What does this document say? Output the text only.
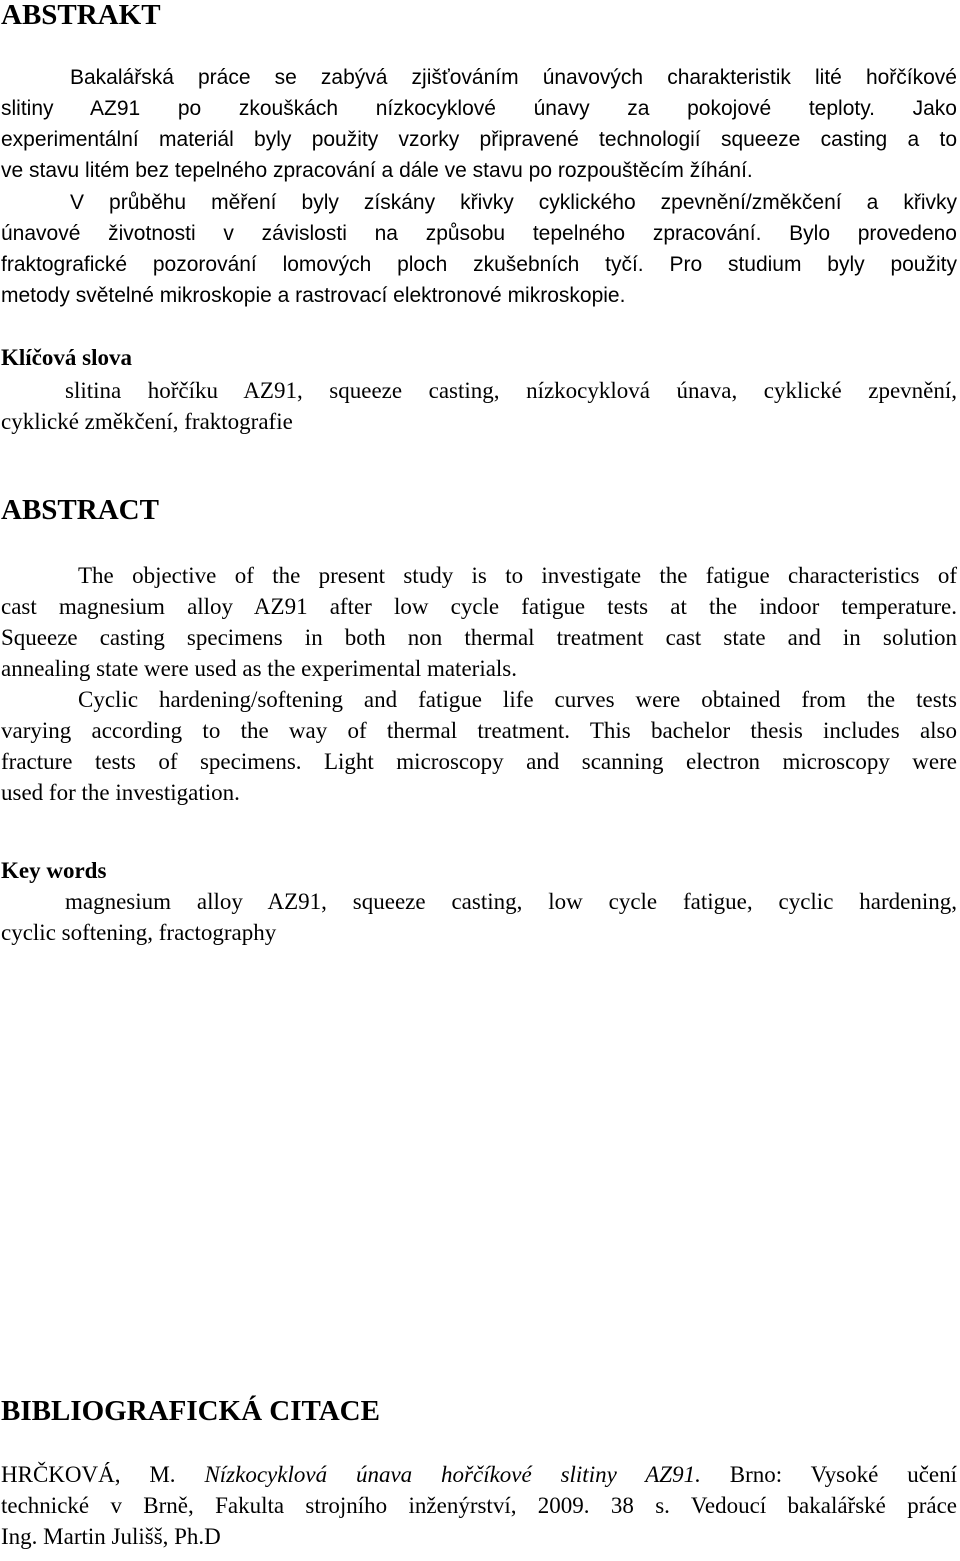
ABSTRAKT
Bakalářská práce se zabývá zjišťováním únavových charakteristik lité hořčíkové
slitiny AZ91 po zkouškách nízkocyklové únavy za pokojové teploty. Jako
experimentální materiál byly použity vzorky připravené technologií squeeze casting a to
ve stavu litém bez tepelného zpracování a dále ve stavu po rozpouštěcím žíhání.
V průběhu měření byly získány křivky cyklického zpevnění/změkčení a křivky
únavové životnosti v závislosti na způsobu tepelného zpracování. Bylo provedeno
fraktografické pozorování lomových ploch zkušebních tyčí. Pro studium byly použity
metody světelné mikroskopie a rastrovací elektronové mikroskopie.
Klíčová slova
slitina hořčíku AZ91, squeeze casting, nízkocyklová únava, cyklické zpevnění,
cyklické změkčení, fraktografie
ABSTRACT
The objective of the present study is to investigate the fatigue characteristics of
cast magnesium alloy AZ91 after low cycle fatigue tests at the indoor temperature.
Squeeze casting specimens in both non thermal treatment cast state and in solution
annealing state were used as the experimental materials.
Cyclic hardening/softening and fatigue life curves were obtained from the tests
varying according to the way of thermal treatment. This bachelor thesis includes also
fracture tests of specimens. Light microscopy and scanning electron microscopy were
used for the investigation.
Key words
magnesium alloy AZ91, squeeze casting, low cycle fatigue, cyclic hardening,
cyclic softening, fractography
BIBLIOGRAFICKÁ CITACE
HRČKOVÁ, M. Nízkocyklová únava hořčíkové slitiny AZ91. Brno: Vysoké učení
technické v Brně, Fakulta strojního inženýrství, 2009. 38 s. Vedoucí bakalářské práce
Ing. Martin Julišš, Ph.D
